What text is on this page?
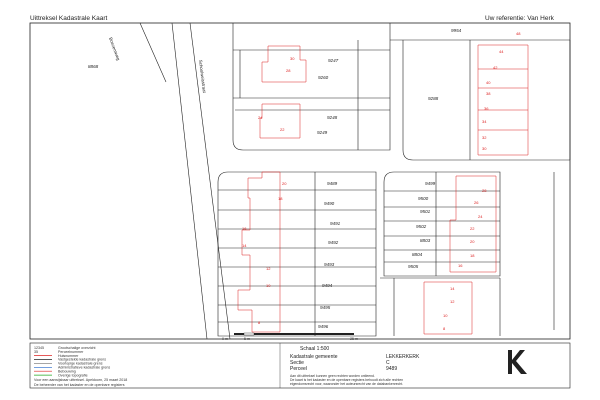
Uittreksel Kadastrale Kaart	Uw referentie: Van Herk
Boezemweg
Schoolweisstraat
8868
9247
9260
9248
9249
30
28
24
22
9288
9954
48
44
42
40
38
36
34
32
30
9489
9490
9491
9492
9493
9494
9495
9496
20
18
16
14
12
10
8
9499
9500
9501
9502
8803
8804
9505
28
26
24
22
20
18
16
14
12
10
8
0 m	5 m	25 m
12345	Grootschalige overzicht
35	Perceelnummer
Huisnummer
Vastgestelde kadastrale grens
Voorlopige kadastrale grens
Administratieve kadastrale grens
Bebouwing
Overige topografie
Voor een aanwijsbaar uittreksel. Apeldoorn, 25 maart 2018
De beheerder van het kadaster en de openbare registers
Schaal 1:500
Kadastrale gemeente	LEKKERKERK
Sectie	C
Perceel	9489
Aan dit uittreksel kunnen geen rechten worden ontleend.
De kaart is het kadaster en de openbare registers behoudt zich alle rechten
eigendomsrecht voor, waaronder het auteursrecht van de databankenrecht.
